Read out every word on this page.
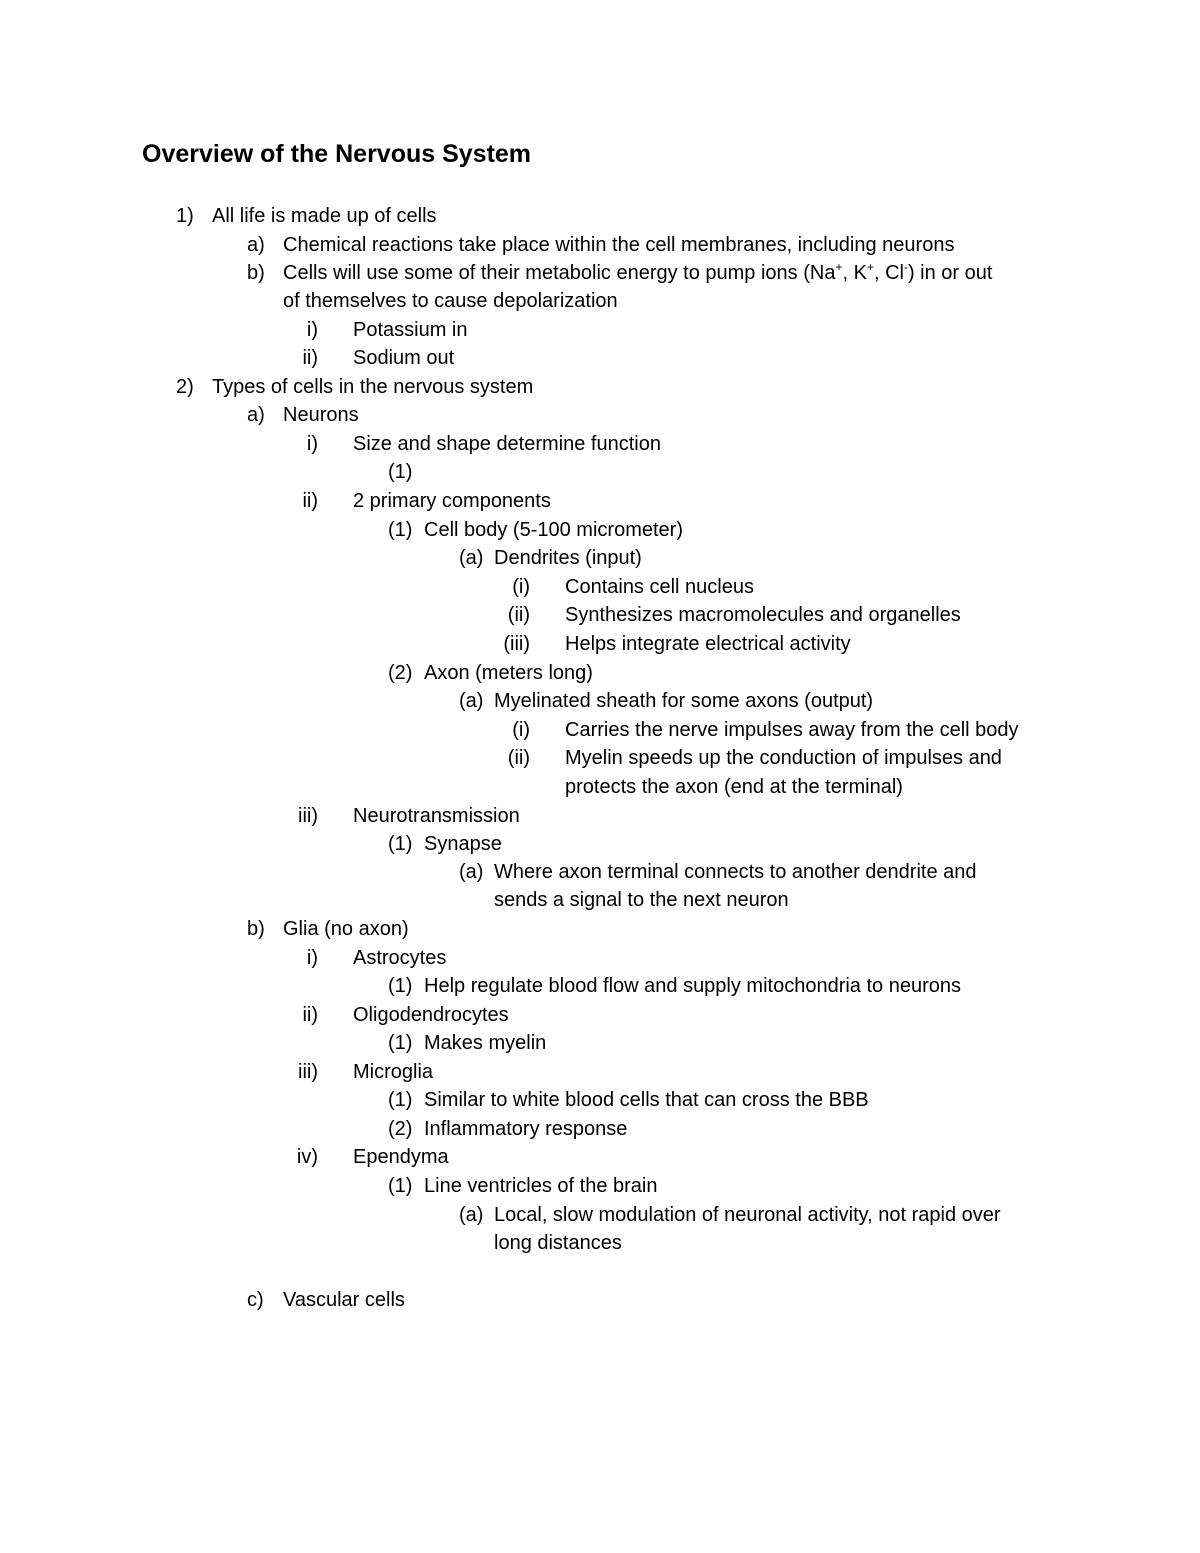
Overview of the Nervous System
1) All life is made up of cells
a) Chemical reactions take place within the cell membranes, including neurons
b) Cells will use some of their metabolic energy to pump ions (Na+, K+, Cl-) in or out
of themselves to cause depolarization
i) Potassium in
ii) Sodium out
2) Types of cells in the nervous system
a) Neurons
i) Size and shape determine function
(1)
ii) 2 primary components
(1) Cell body (5-100 micrometer)
(a) Dendrites (input)
(i) Contains cell nucleus
(ii) Synthesizes macromolecules and organelles
(iii) Helps integrate electrical activity
(2) Axon (meters long)
(a) Myelinated sheath for some axons (output)
(i) Carries the nerve impulses away from the cell body
(ii) Myelin speeds up the conduction of impulses and
protects the axon (end at the terminal)
iii) Neurotransmission
(1) Synapse
(a) Where axon terminal connects to another dendrite and
sends a signal to the next neuron
b) Glia (no axon)
i) Astrocytes
(1) Help regulate blood flow and supply mitochondria to neurons
ii) Oligodendrocytes
(1) Makes myelin
iii) Microglia
(1) Similar to white blood cells that can cross the BBB
(2) Inflammatory response
iv) Ependyma
(1) Line ventricles of the brain
(a) Local, slow modulation of neuronal activity, not rapid over
long distances
c) Vascular cells
